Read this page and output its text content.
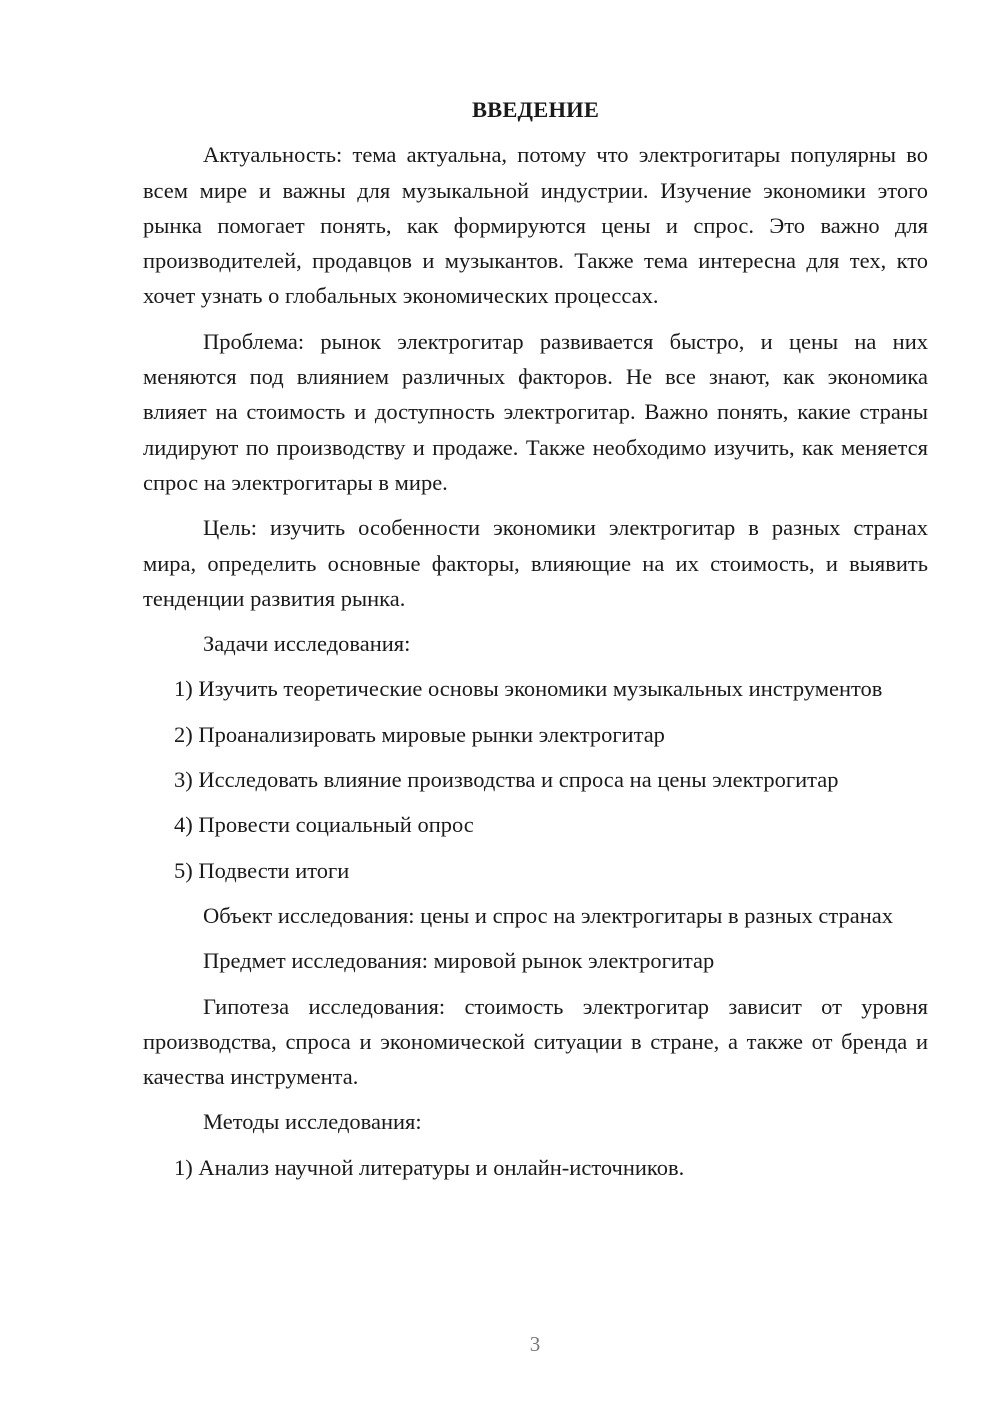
ВВЕДЕНИЕ

Актуальность: тема актуальна, потому что электрогитары популярны во всем мире и важны для музыкальной индустрии. Изучение экономики этого рынка помогает понять, как формируются цены и спрос. Это важно для производителей, продавцов и музыкантов. Также тема интересна для тех, кто хочет узнать о глобальных экономических процессах.

Проблема: рынок электрогитар развивается быстро, и цены на них меняются под влиянием различных факторов. Не все знают, как экономика влияет на стоимость и доступность электрогитар. Важно понять, какие страны лидируют по производству и продаже. Также необходимо изучить, как меняется спрос на электрогитары в мире.

Цель: изучить особенности экономики электрогитар в разных странах мира, определить основные факторы, влияющие на их стоимость, и выявить тенденции развития рынка.

Задачи исследования:

1) Изучить теоретические основы экономики музыкальных инструментов

2) Проанализировать мировые рынки электрогитар

3) Исследовать влияние производства и спроса на цены электрогитар

4) Провести социальный опрос

5) Подвести итоги

Объект исследования: цены и спрос на электрогитары в разных странах

Предмет исследования: мировой рынок электрогитар

Гипотеза исследования: стоимость электрогитар зависит от уровня производства, спроса и экономической ситуации в стране, а также от бренда и качества инструмента.

Методы исследования:

1) Анализ научной литературы и онлайн-источников.

3
